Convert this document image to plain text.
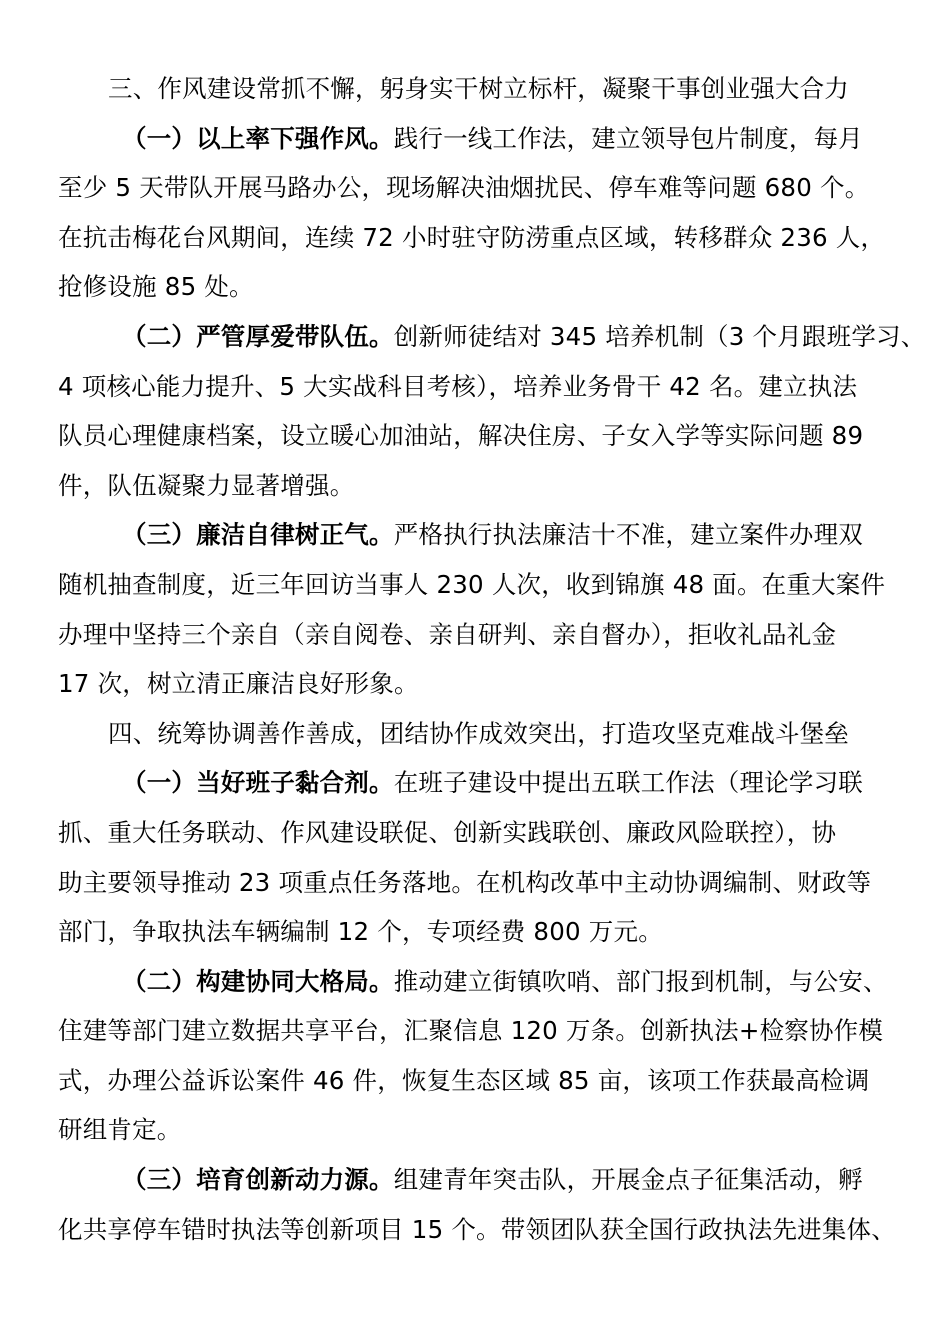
三、作风建设常抓不懈，躬身实干树立标杆，凝聚干事创业强大合力
（一）以上率下强作风。践行一线工作法，建立领导包片制度，每月
至少 5 天带队开展马路办公，现场解决油烟扰民、停车难等问题 680 个。
在抗击梅花台风期间，连续 72 小时驻守防涝重点区域，转移群众 236 人，
抢修设施 85 处。
（二）严管厚爱带队伍。创新师徒结对 345 培养机制（3 个月跟班学习、
4 项核心能力提升、5 大实战科目考核），培养业务骨干 42 名。建立执法
队员心理健康档案，设立暖心加油站，解决住房、子女入学等实际问题 89
件，队伍凝聚力显著增强。
（三）廉洁自律树正气。严格执行执法廉洁十不准，建立案件办理双
随机抽查制度，近三年回访当事人 230 人次，收到锦旗 48 面。在重大案件
办理中坚持三个亲自（亲自阅卷、亲自研判、亲自督办），拒收礼品礼金
17 次，树立清正廉洁良好形象。
四、统筹协调善作善成，团结协作成效突出，打造攻坚克难战斗堡垒
（一）当好班子黏合剂。在班子建设中提出五联工作法（理论学习联
抓、重大任务联动、作风建设联促、创新实践联创、廉政风险联控），协
助主要领导推动 23 项重点任务落地。在机构改革中主动协调编制、财政等
部门，争取执法车辆编制 12 个，专项经费 800 万元。
（二）构建协同大格局。推动建立街镇吹哨、部门报到机制，与公安、
住建等部门建立数据共享平台，汇聚信息 120 万条。创新执法+检察协作模
式，办理公益诉讼案件 46 件，恢复生态区域 85 亩，该项工作获最高检调
研组肯定。
（三）培育创新动力源。组建青年突击队，开展金点子征集活动，孵
化共享停车错时执法等创新项目 15 个。带领团队获全国行政执法先进集体、
